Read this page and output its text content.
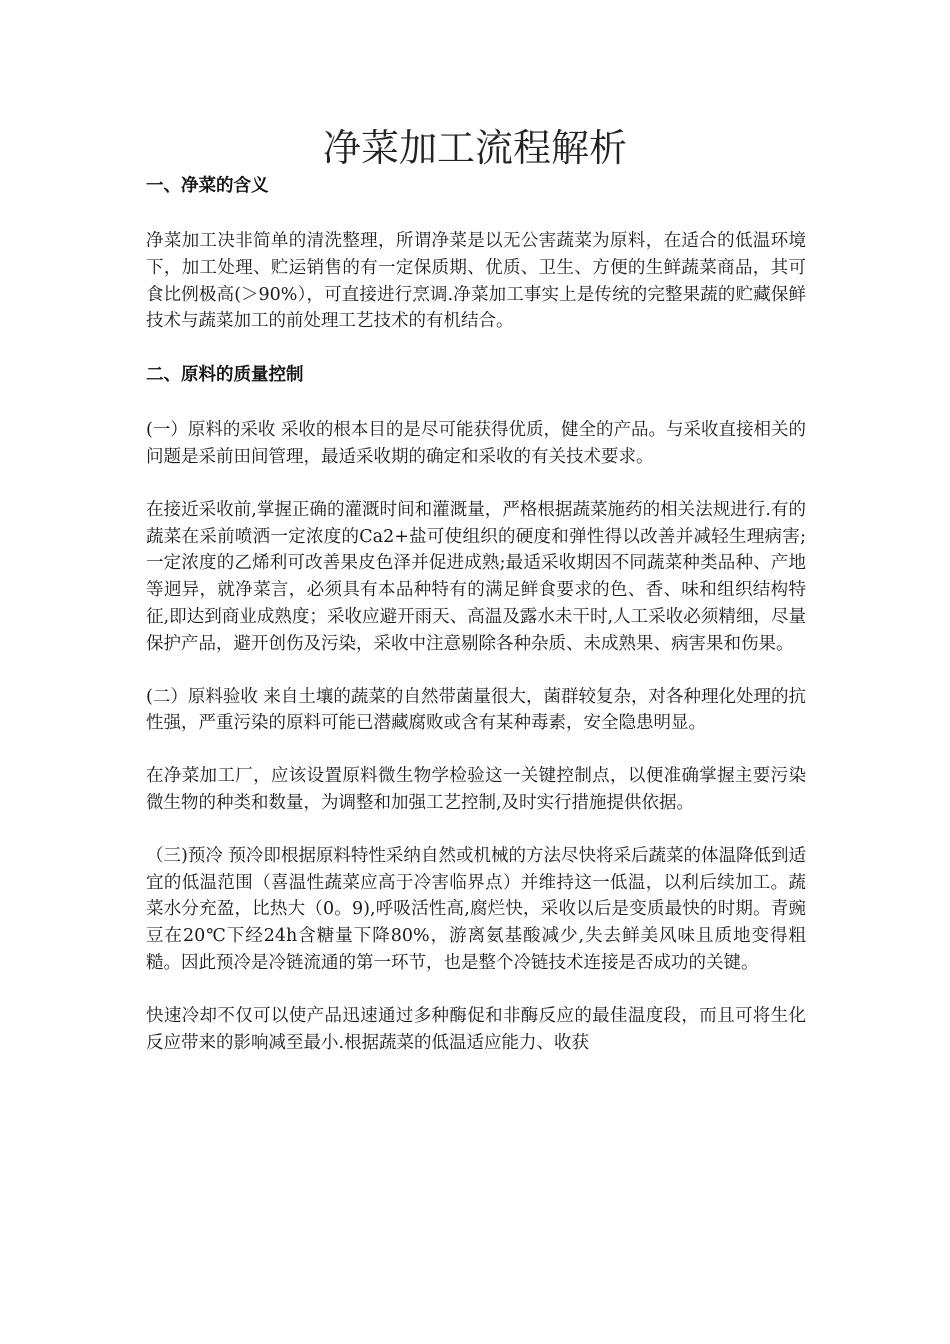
净菜加工流程解析
一、净菜的含义

净菜加工决非简单的清洗整理，所谓净菜是以无公害蔬菜为原料，在适合的低温环境下，加工处理、贮运销售的有一定保质期、优质、卫生、方便的生鲜蔬菜商品，其可食比例极高(＞90%），可直接进行烹调.净菜加工事实上是传统的完整果蔬的贮藏保鲜技术与蔬菜加工的前处理工艺技术的有机结合。

二、原料的质量控制

(一）原料的采收 采收的根本目的是尽可能获得优质，健全的产品。与采收直接相关的问题是采前田间管理，最适采收期的确定和采收的有关技术要求。

在接近采收前,掌握正确的灌溉时间和灌溉量，严格根据蔬菜施药的相关法规进行.有的蔬菜在采前喷洒一定浓度的Ca2+盐可使组织的硬度和弹性得以改善并减轻生理病害;一定浓度的乙烯利可改善果皮色泽并促进成熟;最适采收期因不同蔬菜种类品种、产地等迥异，就净菜言，必须具有本品种特有的满足鲜食要求的色、香、味和组织结构特征,即达到商业成熟度；采收应避开雨天、高温及露水未干时,人工采收必须精细，尽量保护产品，避开创伤及污染，采收中注意剔除各种杂质、未成熟果、病害果和伤果。

(二）原料验收 来自土壤的蔬菜的自然带菌量很大，菌群较复杂，对各种理化处理的抗性强，严重污染的原料可能已潜藏腐败或含有某种毒素，安全隐患明显。

在净菜加工厂，应该设置原料微生物学检验这一关键控制点，以便准确掌握主要污染微生物的种类和数量，为调整和加强工艺控制,及时实行措施提供依据。

（三)预冷 预冷即根据原料特性采纳自然或机械的方法尽快将采后蔬菜的体温降低到适宜的低温范围（喜温性蔬菜应高于冷害临界点）并维持这一低温，以利后续加工。蔬菜水分充盈，比热大（0。9),呼吸活性高,腐烂快，采收以后是变质最快的时期。青豌豆在20℃下经24h含糖量下降80%，游离氨基酸减少,失去鲜美风味且质地变得粗糙。因此预冷是冷链流通的第一环节，也是整个冷链技术连接是否成功的关键。

快速冷却不仅可以使产品迅速通过多种酶促和非酶反应的最佳温度段，而且可将生化反应带来的影响减至最小.根据蔬菜的低温适应能力、收获
